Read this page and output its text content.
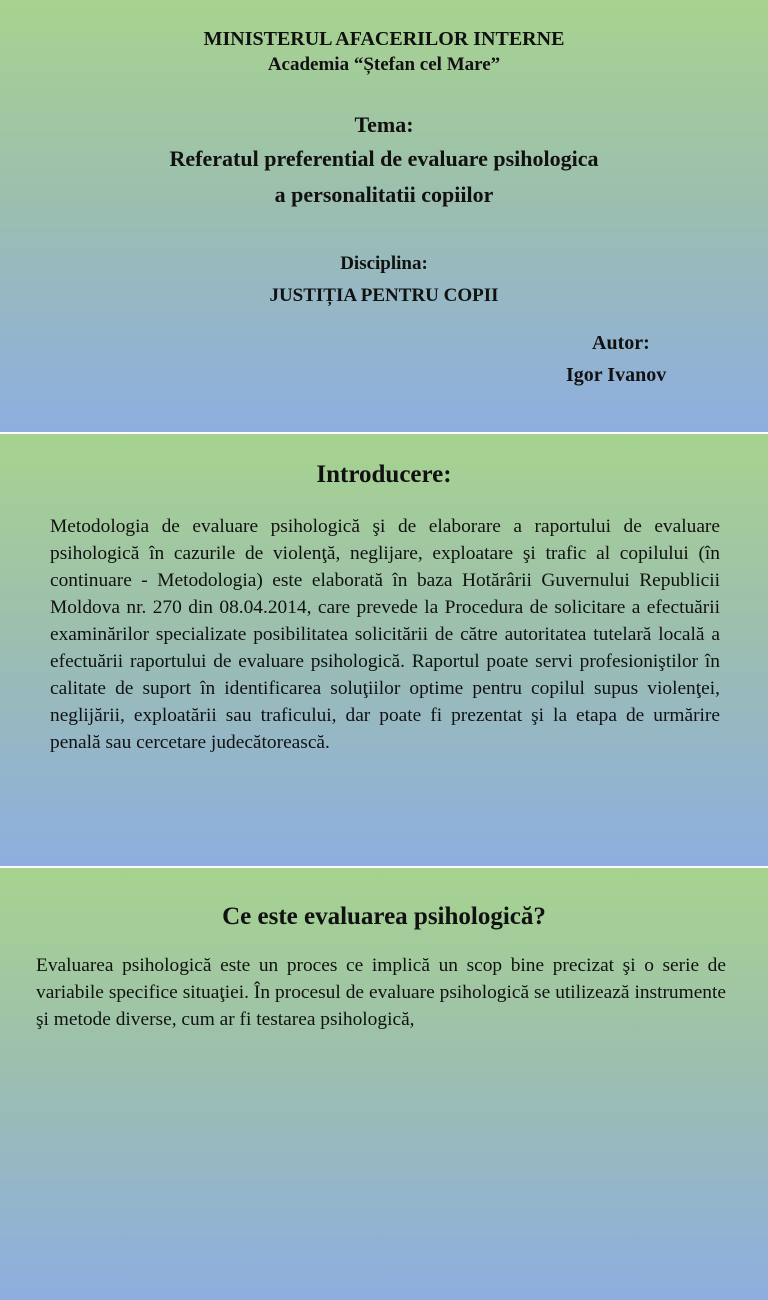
MINISTERUL AFACERILOR INTERNE
Academia “Ștefan cel Mare”
Tema:
Referatul preferential de evaluare psihologica
a personalitatii copiilor
Disciplina:
JUSTIȚIA PENTRU COPII
Autor:
Igor Ivanov
Introducere:
Metodologia de evaluare psihologică şi de elaborare a raportului de evaluare psihologică în cazurile de violenţă, neglijare, exploatare şi trafic al copilului (în continuare - Metodologia) este elaborată în baza Hotărârii Guvernului Republicii Moldova nr. 270 din 08.04.2014, care prevede la Procedura de solicitare a efectuării examinărilor specializate posibilitatea solicitării de către autoritatea tutelară locală a efectuării raportului de evaluare psihologică. Raportul poate servi profesioniştilor în calitate de suport în identificarea soluţiilor optime pentru copilul supus violenţei, neglijării, exploatării sau traficului, dar poate fi prezentat şi la etapa de urmărire penală sau cercetare judecătorească.
Ce este evaluarea psihologică?
Evaluarea psihologică este un proces ce implică un scop bine precizat şi o serie de variabile specifice situaţiei. În procesul de evaluare psihologică se utilizează instrumente şi metode diverse, cum ar fi testarea psihologică,
